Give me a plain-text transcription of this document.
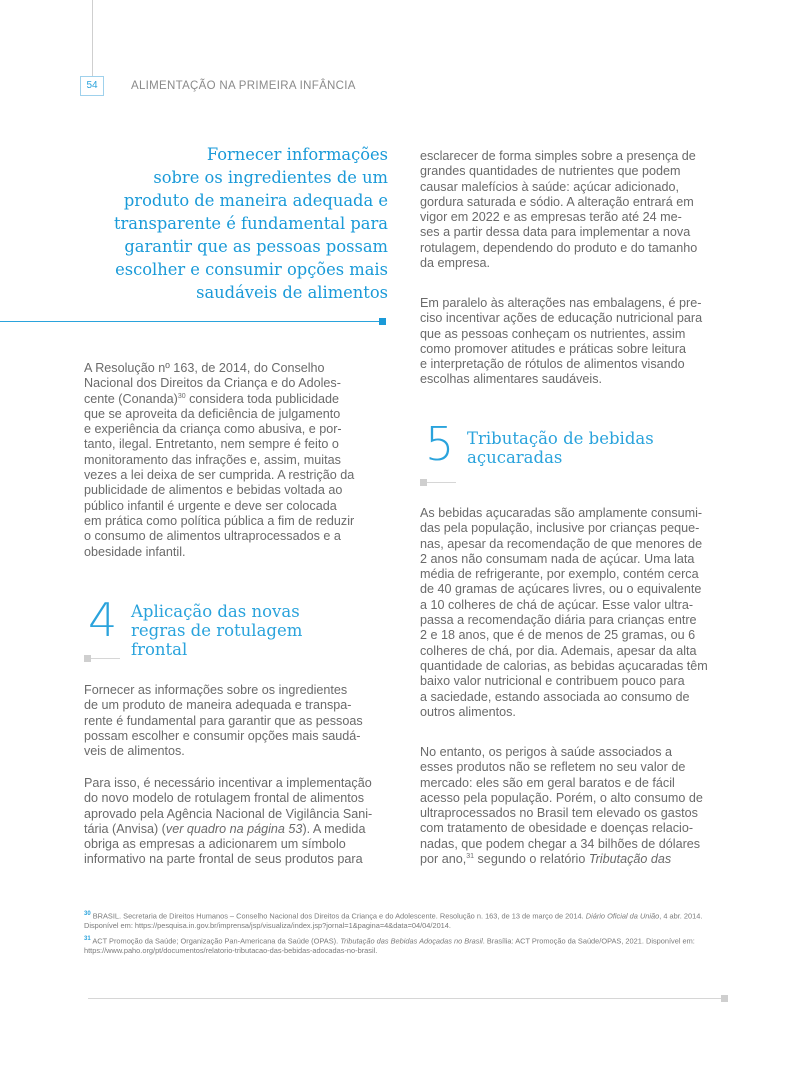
54	ALIMENTAÇÃO NA PRIMEIRA INFÂNCIA
Fornecer informações
sobre os ingredientes de um
produto de maneira adequada e
transparente é fundamental para
garantir que as pessoas possam
escolher e consumir opções mais
saudáveis de alimentos
A Resolução nº 163, de 2014, do Conselho
Nacional dos Direitos da Criança e do Adoles-
cente (Conanda)$^{30}$ considera toda publicidade
que se aproveita da deficiência de julgamento
e experiência da criança como abusiva, e por-
tanto, ilegal. Entretanto, nem sempre é feito o
monitoramento das infrações e, assim, muitas
vezes a lei deixa de ser cumprida. A restrição da
publicidade de alimentos e bebidas voltada ao
público infantil é urgente e deve ser colocada
em prática como política pública a fim de reduzir
o consumo de alimentos ultraprocessados e a
obesidade infantil.
4 Aplicação das novas
regras de rotulagem
frontal
Fornecer as informações sobre os ingredientes
de um produto de maneira adequada e transpa-
rente é fundamental para garantir que as pessoas
possam escolher e consumir opções mais saudá-
veis de alimentos.
Para isso, é necessário incentivar a implementação
do novo modelo de rotulagem frontal de alimentos
aprovado pela Agência Nacional de Vigilância Sani-
tária (Anvisa) (ver quadro na página 53). A medida
obriga as empresas a adicionarem um símbolo
informativo na parte frontal de seus produtos para
esclarecer de forma simples sobre a presença de
grandes quantidades de nutrientes que podem
causar malefícios à saúde: açúcar adicionado,
gordura saturada e sódio. A alteração entrará em
vigor em 2022 e as empresas terão até 24 me-
ses a partir dessa data para implementar a nova
rotulagem, dependendo do produto e do tamanho
da empresa.
Em paralelo às alterações nas embalagens, é pre-
ciso incentivar ações de educação nutricional para
que as pessoas conheçam os nutrientes, assim
como promover atitudes e práticas sobre leitura
e interpretação de rótulos de alimentos visando
escolhas alimentares saudáveis.
5 Tributação de bebidas
açucaradas
As bebidas açucaradas são amplamente consumi-
das pela população, inclusive por crianças peque-
nas, apesar da recomendação de que menores de
2 anos não consumam nada de açúcar. Uma lata
média de refrigerante, por exemplo, contém cerca
de 40 gramas de açúcares livres, ou o equivalente
a 10 colheres de chá de açúcar. Esse valor ultra-
passa a recomendação diária para crianças entre
2 e 18 anos, que é de menos de 25 gramas, ou 6
colheres de chá, por dia. Ademais, apesar da alta
quantidade de calorias, as bebidas açucaradas têm
baixo valor nutricional e contribuem pouco para
a saciedade, estando associada ao consumo de
outros alimentos.
No entanto, os perigos à saúde associados a
esses produtos não se refletem no seu valor de
mercado: eles são em geral baratos e de fácil
acesso pela população. Porém, o alto consumo de
ultraprocessados no Brasil tem elevado os gastos
com tratamento de obesidade e doenças relacio-
nadas, que podem chegar a 34 bilhões de dólares
por ano,$^{31}$ segundo o relatório Tributação das

$^{30}$ BRASIL. Secretaria de Direitos Humanos – Conselho Nacional dos Direitos da Criança e do Adolescente. Resolução n. 163, de 13 de março de 2014. Diário Oficial da União, 4 abr. 2014. Disponível em: https://pesquisa.in.gov.br/imprensa/jsp/visualiza/index.jsp?jornal=1&pagina=4&data=04/04/2014.

$^{31}$ ACT Promoção da Saúde; Organização Pan-Americana da Saúde (OPAS). Tributação das Bebidas Adoçadas no Brasil. Brasília: ACT Promoção da Saúde/OPAS, 2021. Disponível em: https://www.paho.org/pt/documentos/relatorio-tributacao-das-bebidas-adocadas-no-brasil.
